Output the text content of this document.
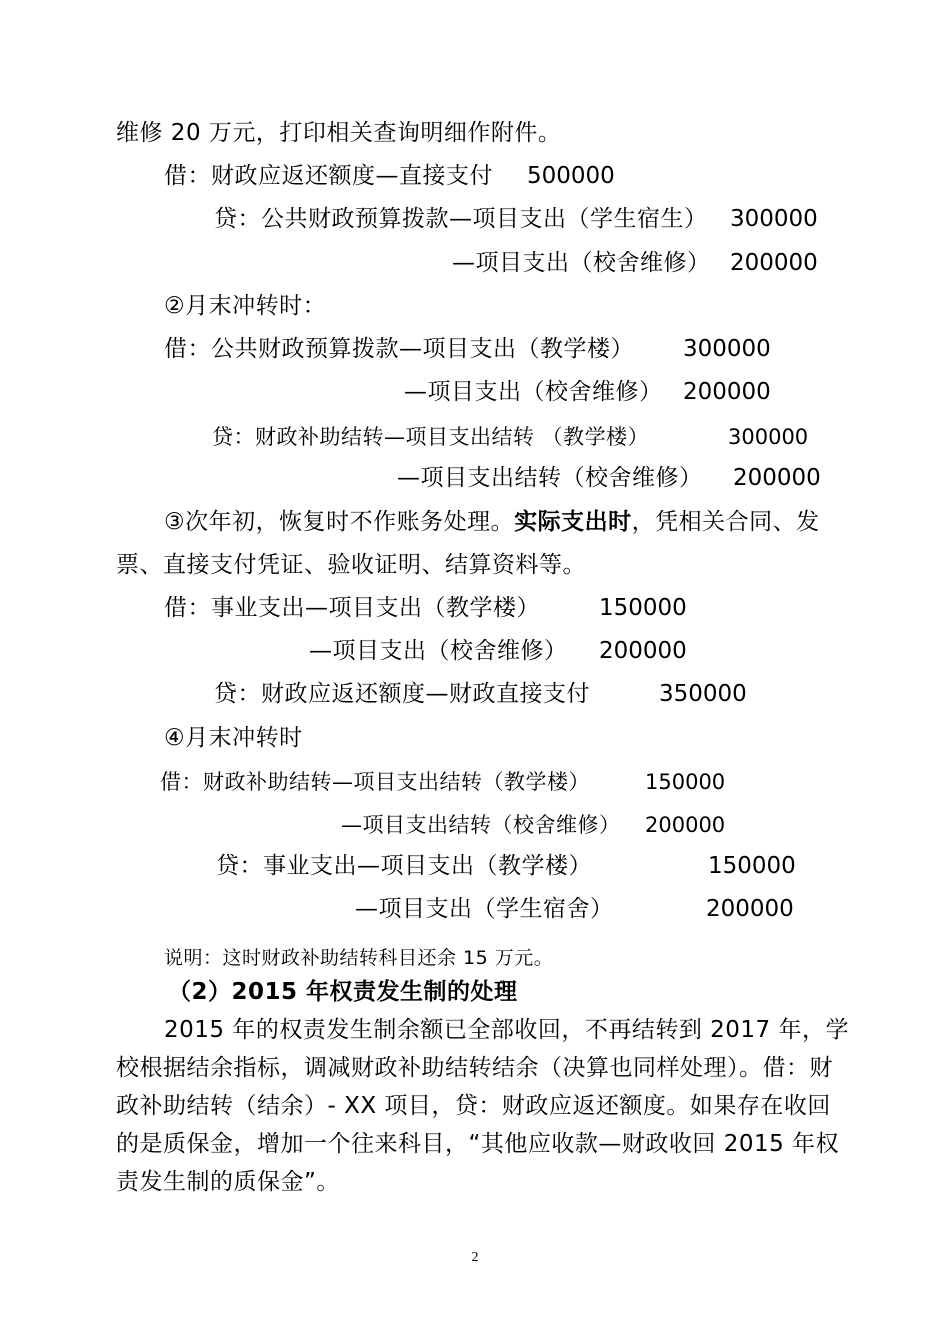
维修 20 万元，打印相关查询明细作附件。
借：财政应返还额度—直接支付 500000
贷：公共财政预算拨款—项目支出（学生宿生） 300000
—项目支出（校舍维修） 200000
②月末冲转时：
借：公共财政预算拨款—项目支出（教学楼） 300000
—项目支出（校舍维修） 200000
贷：财政补助结转—项目支出结转 （教学楼）	300000
—项目支出结转（校舍维修） 200000
③次年初，恢复时不作账务处理。实际支出时，凭相关合同、发
票、直接支付凭证、验收证明、结算资料等。
借：事业支出—项目支出（教学楼）	150000
—项目支出（校舍维修） 200000
贷：财政应返还额度—财政直接支付	350000
④月末冲转时
借：财政补助结转—项目支出结转（教学楼）	150000
—项目支出结转（校舍维修） 200000
贷：事业支出—项目支出（教学楼）	150000
—项目支出（学生宿舍）	200000
说明：这时财政补助结转科目还余 15 万元。
（2）2015 年权责发生制的处理
2015 年的权责发生制余额已全部收回，不再结转到 2017 年，学
校根据结余指标，调减财政补助结转结余（决算也同样处理）。借：财
政补助结转（结余）- XX 项目，贷：财政应返还额度。如果存在收回
的是质保金，增加一个往来科目，“其他应收款—财政收回 2015 年权
责发生制的质保金”。
2
